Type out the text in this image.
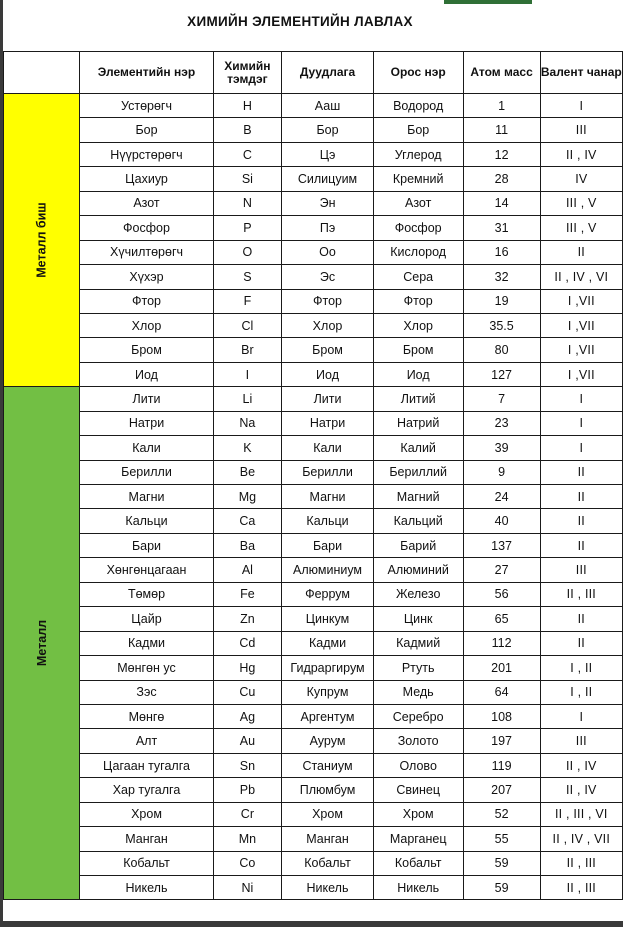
ХИМИЙН ЭЛЕМЕНТИЙН ЛАВЛАХ
	Элементийн нэр	Химийн тэмдэг	Дуудлага	Орос нэр	Атом масс	Валент чанар
Металл биш	Устөрөгч	H	Ааш	Водород	1	I
	Бор	B	Бор	Бор	11	III
	Нүүрстөрөгч	C	Цэ	Углерод	12	II , IV
	Цахиур	Si	Силицуим	Кремний	28	IV
	Азот	N	Эн	Азот	14	III , V
	Фосфор	P	Пэ	Фосфор	31	III , V
	Хүчилтөрөгч	O	Оо	Кислород	16	II
	Хүхэр	S	Эс	Сера	32	II , IV , VI
	Фтор	F	Фтор	Фтор	19	I ,VII
	Хлор	Cl	Хлор	Хлор	35.5	I ,VII
	Бром	Br	Бром	Бром	80	I ,VII
	Иод	I	Иод	Иод	127	I ,VII
Металл	Лити	Li	Лити	Литий	7	I
	Натри	Na	Натри	Натрий	23	I
	Кали	K	Кали	Калий	39	I
	Берилли	Be	Берилли	Бериллий	9	II
	Магни	Mg	Магни	Магний	24	II
	Кальци	Ca	Кальци	Кальций	40	II
	Бари	Ba	Бари	Барий	137	II
	Хөнгөнцагаан	Al	Алюминиум	Алюминий	27	III
	Төмөр	Fe	Феррум	Железо	56	II , III
	Цайр	Zn	Цинкум	Цинк	65	II
	Кадми	Cd	Кадми	Кадмий	112	II
	Мөнгөн ус	Hg	Гидраргирум	Ртуть	201	I , II
	Зэс	Cu	Купрум	Медь	64	I , II
	Мөнгө	Ag	Аргентум	Серебро	108	I
	Алт	Au	Аурум	Золото	197	III
	Цагаан тугалга	Sn	Станиум	Олово	119	II , IV
	Хар тугалга	Pb	Плюмбум	Свинец	207	II , IV
	Хром	Cr	Хром	Хром	52	II , III , VI
	Манган	Mn	Манган	Марганец	55	II , IV , VII
	Кобальт	Co	Кобальт	Кобальт	59	II , III
	Никель	Ni	Никель	Никель	59	II , III
